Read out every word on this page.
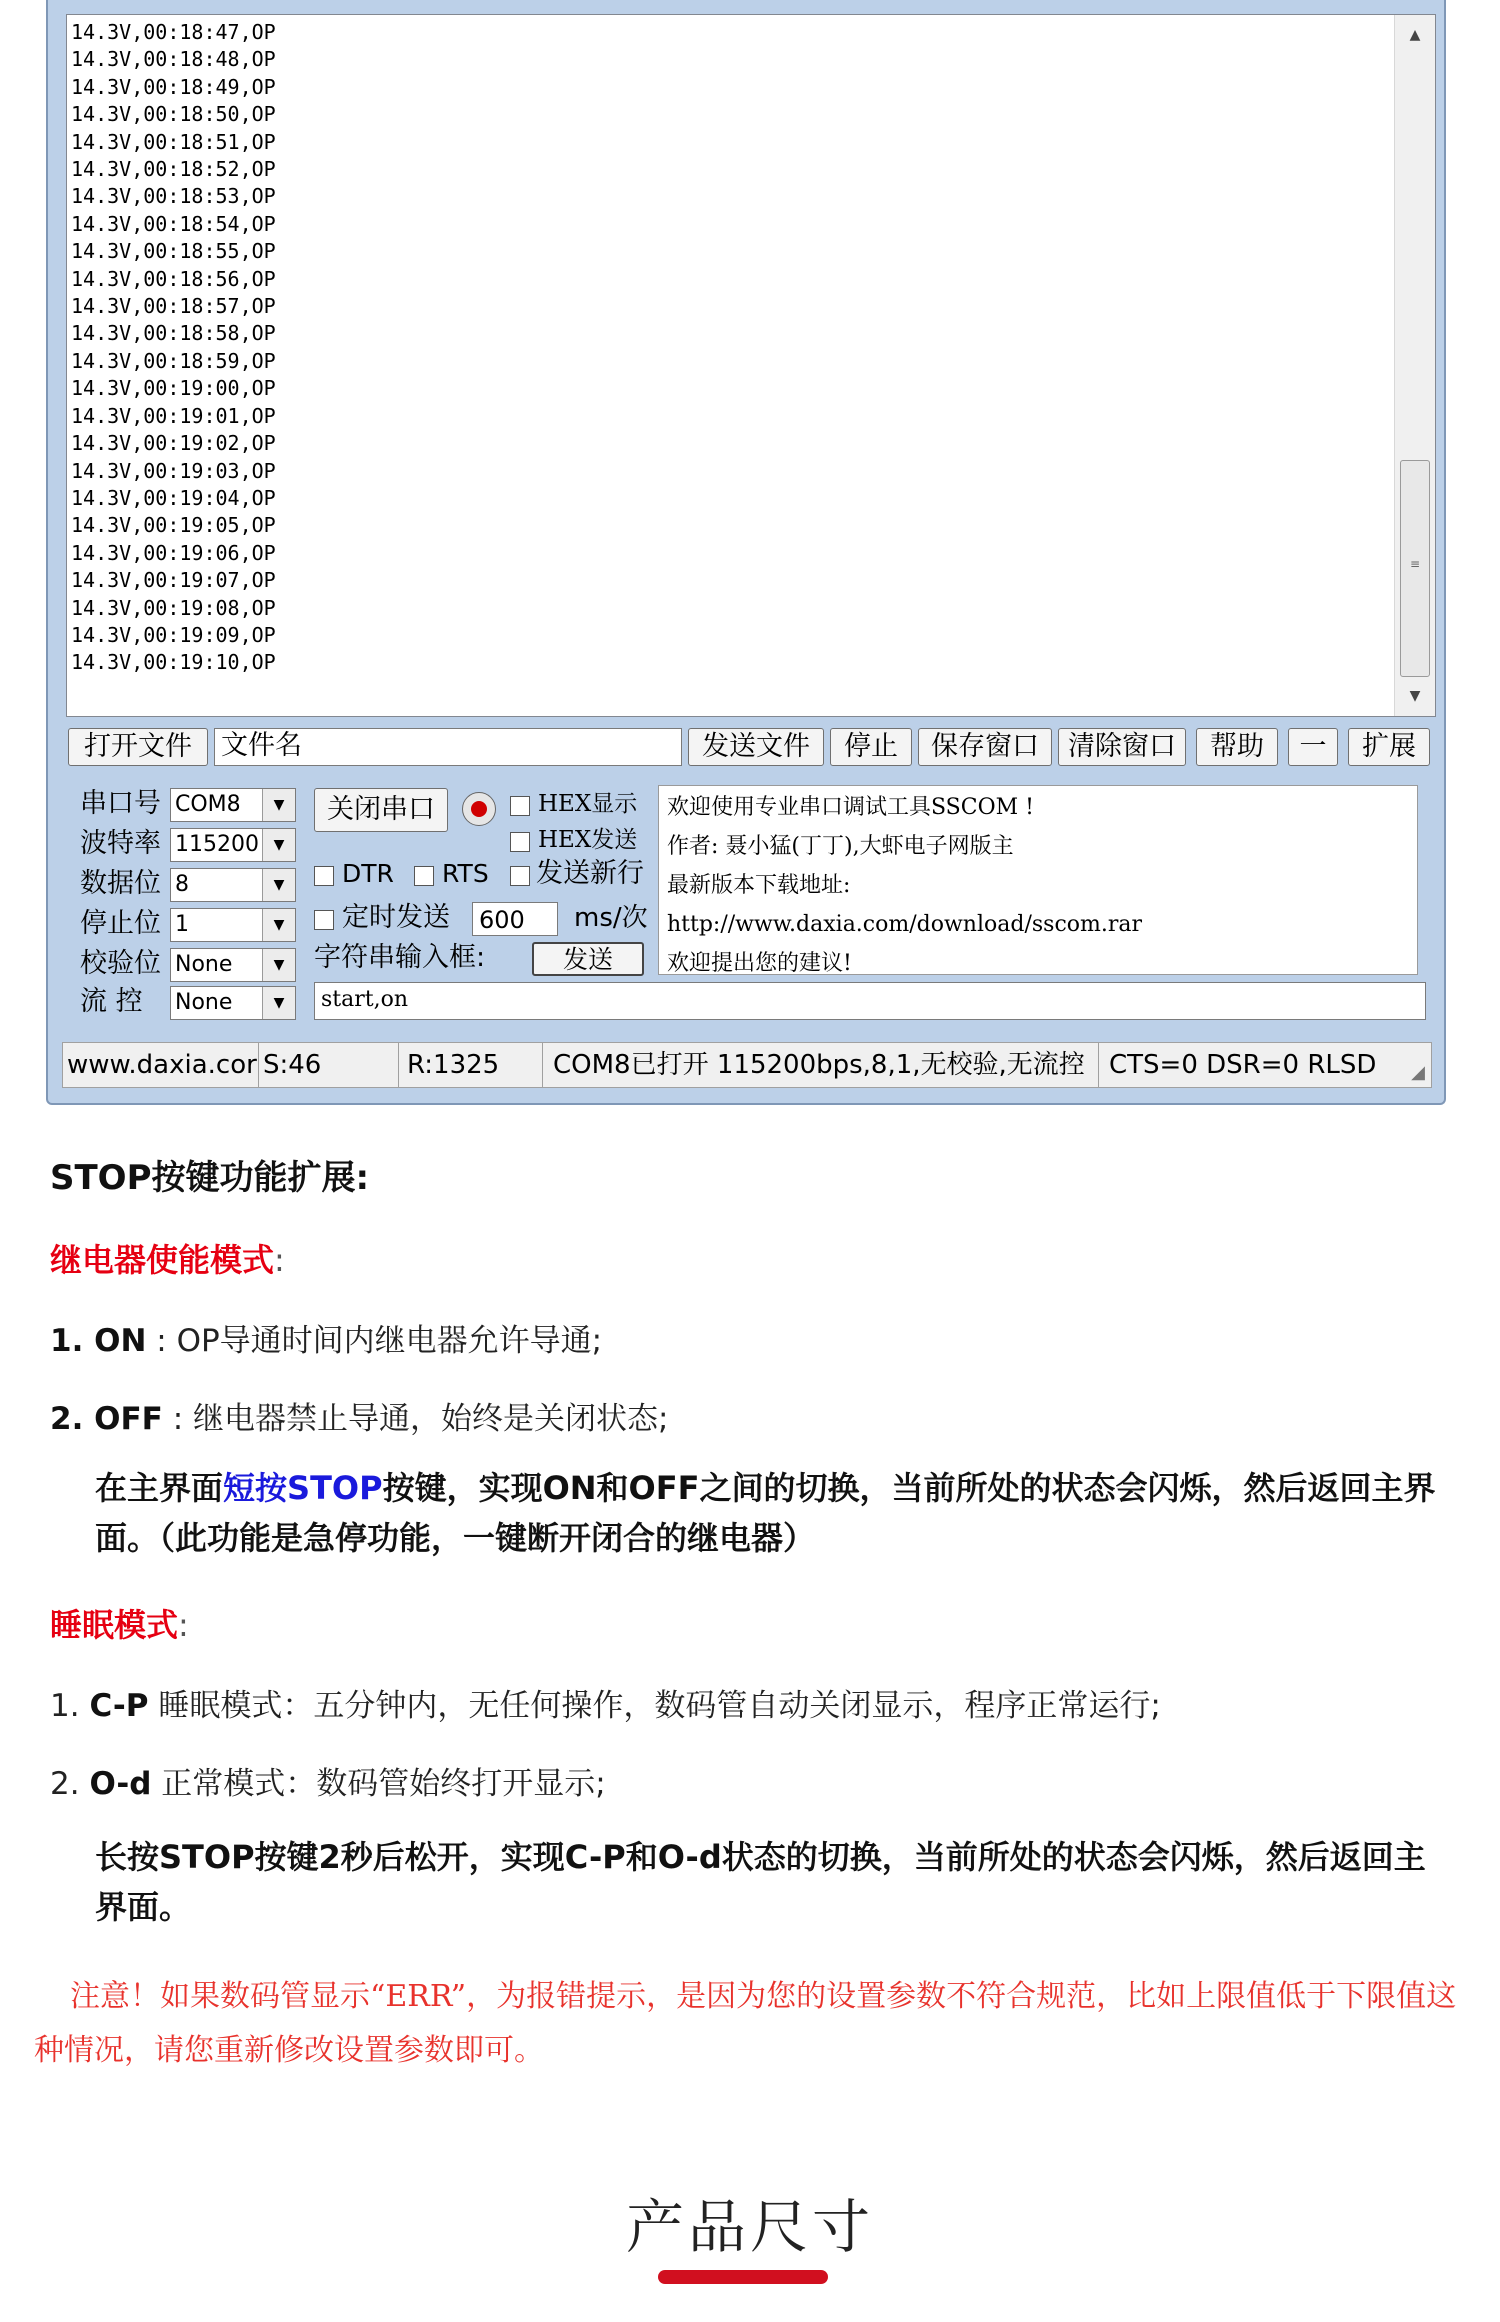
14.3V,00:18:47,OP
14.3V,00:18:48,OP
14.3V,00:18:49,OP
14.3V,00:18:50,OP
14.3V,00:18:51,OP
14.3V,00:18:52,OP
14.3V,00:18:53,OP
14.3V,00:18:54,OP
14.3V,00:18:55,OP
14.3V,00:18:56,OP
14.3V,00:18:57,OP
14.3V,00:18:58,OP
14.3V,00:18:59,OP
14.3V,00:19:00,OP
14.3V,00:19:01,OP
14.3V,00:19:02,OP
14.3V,00:19:03,OP
14.3V,00:19:04,OP
14.3V,00:19:05,OP
14.3V,00:19:06,OP
14.3V,00:19:07,OP
14.3V,00:19:08,OP
14.3V,00:19:09,OP
14.3V,00:19:10,OP
▲
≡
▼
打开文件	文件名	发送文件	停止	保存窗口	清除窗口	帮助	一	扩展
串口号 COM8	▼
波特率 115200	▼
数据位 8	▼
停止位 1	▼
校验位 None	▼
流 控 None	▼
关闭串口	HEX显示
HEX发送
DTR RTS 发送新行
定时发送 600	ms/次
字符串输入框:	发送
start,on
欢迎使用专业串口调试工具SSCOM !
作者: 聂小猛(丁丁),大虾电子网版主
最新版本下载地址:
http://www.daxia.com/download/sscom.rar
欢迎提出您的建议!
www.daxia.cor S:46	R:1325	COM8已打开 115200bps,8,1,无校验,无流控 CTS=0 DSR=0 RLSD	◢
STOP按键功能扩展:
继电器使能模式:
1. ON : OP导通时间内继电器允许导通;
2. OFF : 继电器禁止导通，始终是关闭状态;
在主界面短按STOP按键，实现ON和OFF之间的切换，当前所处的状态会闪烁，然后返回主界面。（此功能是急停功能，一键断开闭合的继电器）
睡眠模式:
1. C-P 睡眠模式：五分钟内，无任何操作，数码管自动关闭显示，程序正常运行;
2. O-d 正常模式：数码管始终打开显示;
长按STOP按键2秒后松开，实现C-P和O-d状态的切换，当前所处的状态会闪烁，然后返回主界面。
注意！如果数码管显示“ERR”，为报错提示，是因为您的设置参数不符合规范，比如上限值低于下限值这种情况，请您重新修改设置参数即可。
产品尺寸
